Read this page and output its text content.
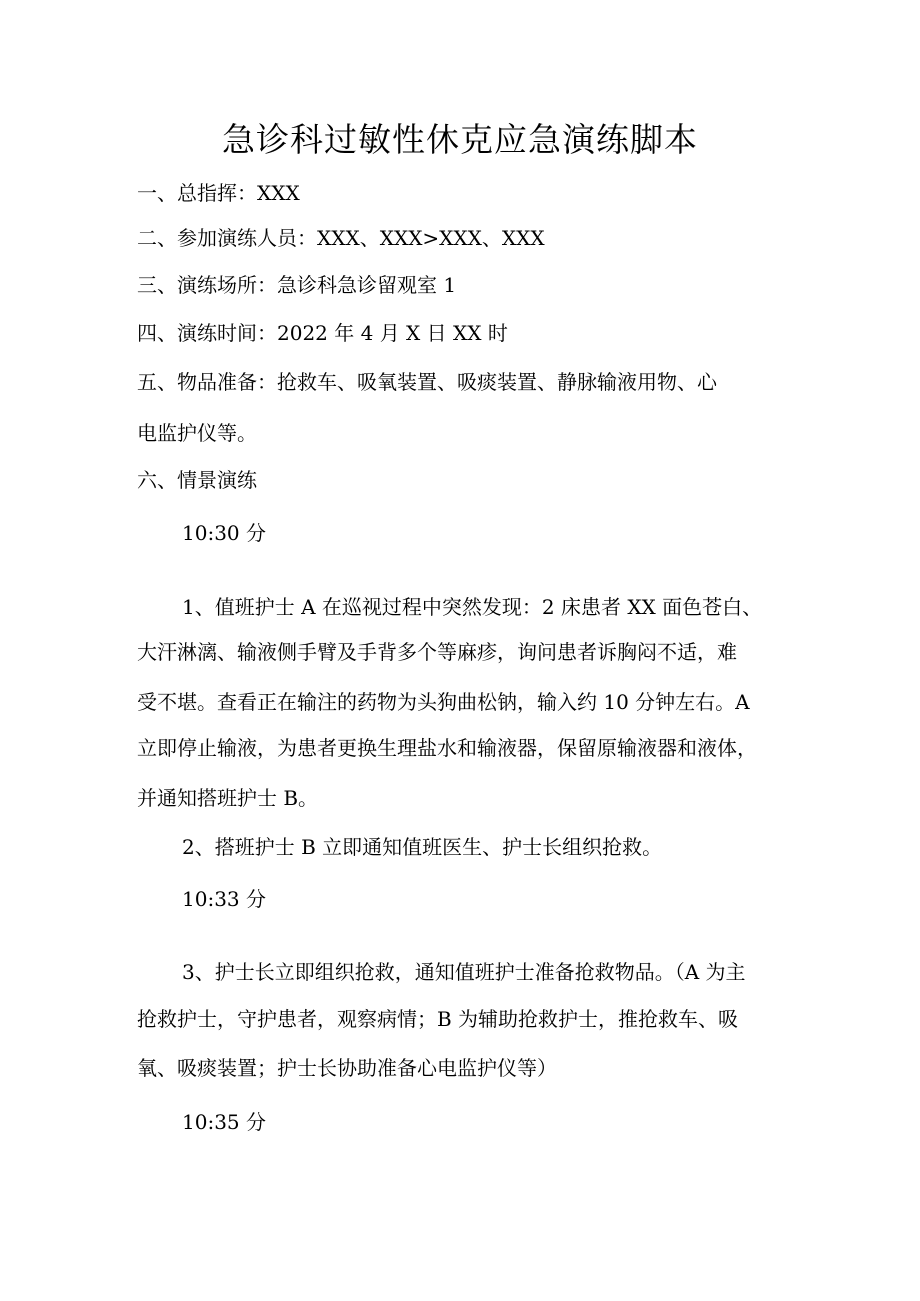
急诊科过敏性休克应急演练脚本

一、总指挥：XXX

二、参加演练人员：XXX、XXX>XXX、XXX

三、演练场所：急诊科急诊留观室 1

四、演练时间：2022 年 4 月 X 日 XX 时

五、物品准备：抢救车、吸氧装置、吸痰装置、静脉输液用物、心

电监护仪等。

六、情景演练

10:30 分

1、值班护士 A 在巡视过程中突然发现：2 床患者 XX 面色苍白、

大汗淋漓、输液侧手臂及手背多个等麻疹，询问患者诉胸闷不适，难

受不堪。查看正在输注的药物为头狗曲松钠，输入约 10 分钟左右。A

立即停止输液，为患者更换生理盐水和输液器，保留原输液器和液体，

并通知搭班护士 B。

2、搭班护士 B 立即通知值班医生、护士长组织抢救。

10:33 分

3、护士长立即组织抢救，通知值班护士准备抢救物品。（A 为主

抢救护士，守护患者，观察病情；B 为辅助抢救护士，推抢救车、吸

氧、吸痰装置；护士长协助准备心电监护仪等）

10:35 分
